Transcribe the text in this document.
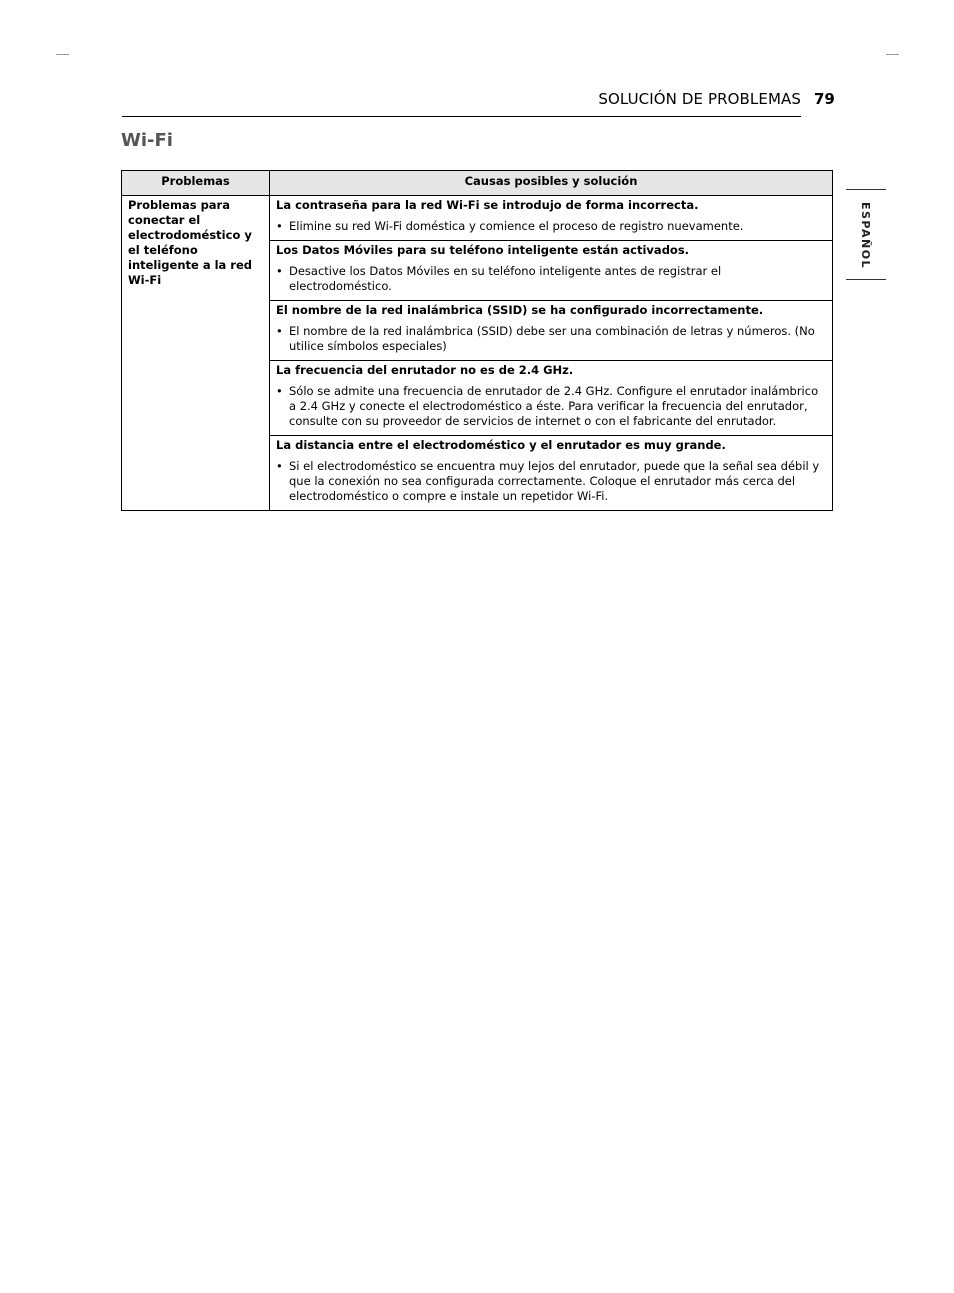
SOLUCIÓN DE PROBLEMAS 79
Wi-Fi
ESPAÑOL
Problemas	Causas posibles y solución
Problemas para conectar el electrodoméstico y el teléfono inteligente a la red Wi-Fi	La contraseña para la red Wi-Fi se introdujo de forma incorrecta.
• Elimine su red Wi-Fi doméstica y comience el proceso de registro nuevamente.

	Los Datos Móviles para su teléfono inteligente están activados.
• Desactive los Datos Móviles en su teléfono inteligente antes de registrar el electrodoméstico.

	El nombre de la red inalámbrica (SSID) se ha configurado incorrectamente.
• El nombre de la red inalámbrica (SSID) debe ser una combinación de letras y números. (No utilice símbolos especiales)

	La frecuencia del enrutador no es de 2.4 GHz.
• Sólo se admite una frecuencia de enrutador de 2.4 GHz. Configure el enrutador inalámbrico a 2.4 GHz y conecte el electrodoméstico a éste. Para verificar la frecuencia del enrutador, consulte con su proveedor de servicios de internet o con el fabricante del enrutador.

	La distancia entre el electrodoméstico y el enrutador es muy grande.
• Si el electrodoméstico se encuentra muy lejos del enrutador, puede que la señal sea débil y que la conexión no sea configurada correctamente. Coloque el enrutador más cerca del electrodoméstico o compre e instale un repetidor Wi-Fi.
